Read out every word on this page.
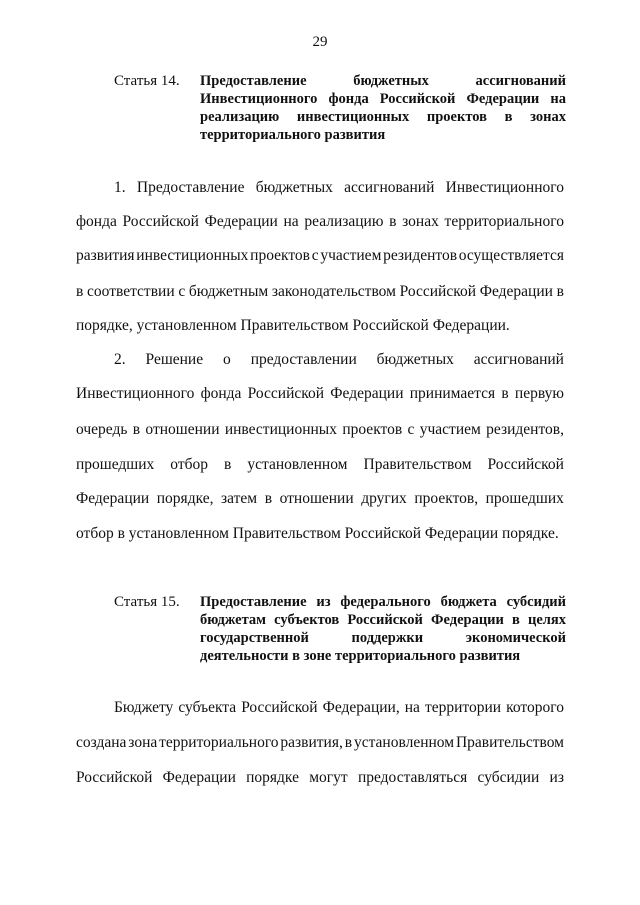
29
Статья 14.	Предоставление бюджетных ассигнований Инвестиционного фонда Российской Федерации на реализацию инвестиционных проектов в зонах территориального развития
1. Предоставление бюджетных ассигнований Инвестиционного
фонда Российской Федерации на реализацию в зонах территориального
развития инвестиционных проектов с участием резидентов осуществляется
в соответствии с бюджетным законодательством Российской Федерации в
порядке, установленном Правительством Российской Федерации.
2. Решение о предоставлении бюджетных ассигнований
Инвестиционного фонда Российской Федерации принимается в первую
очередь в отношении инвестиционных проектов с участием резидентов,
прошедших отбор в установленном Правительством Российской
Федерации порядке, затем в отношении других проектов, прошедших
отбор в установленном Правительством Российской Федерации порядке.
Статья 15.	Предоставление из федерального бюджета субсидий бюджетам субъектов Российской Федерации в целях государственной поддержки экономической деятельности в зоне территориального развития
Бюджету субъекта Российской Федерации, на территории которого
создана зона территориального развития, в установленном Правительством
Российской Федерации порядке могут предоставляться субсидии из
